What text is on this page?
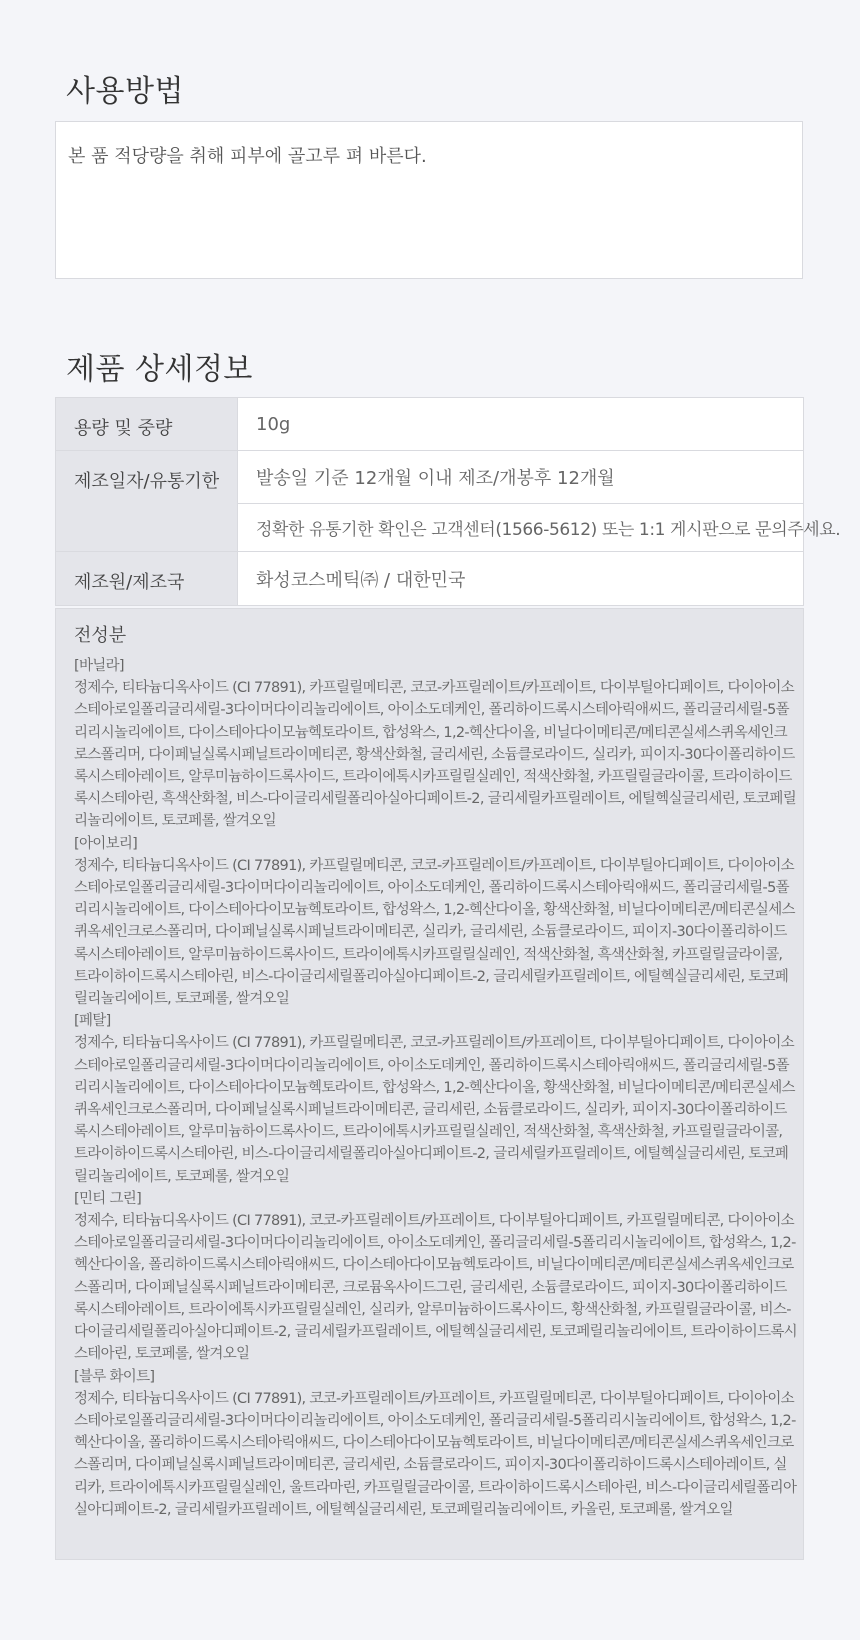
사용방법
본 품 적당량을 취해 피부에 골고루 펴 바른다.
제품 상세정보
용량 및 중량	10g
제조일자/유통기한	발송일 기준 12개월 이내 제조/개봉후 12개월
	정확한 유통기한 확인은 고객센터(1566-5612) 또는 1:1 게시판으로 문의주세요.
제조원/제조국	화성코스메틱㈜ / 대한민국
전성분
[바닐라]
정제수, 티타늄디옥사이드 (CI 77891), 카프릴릴메티콘, 코코-카프릴레이트/카프레이트, 다이부틸아디페이트, 다이아이소스테아로일폴리글리세릴-3다이머다이리놀리에이트, 아이소도데케인, 폴리하이드록시스테아릭애씨드, 폴리글리세릴-5폴리리시놀리에이트, 다이스테아다이모늄헥토라이트, 합성왁스, 1,2-헥산다이올, 비닐다이메티콘/메티콘실세스퀴옥세인크로스폴리머, 다이페닐실록시페닐트라이메티콘, 황색산화철, 글리세린, 소듐클로라이드, 실리카, 피이지-30다이폴리하이드록시스테아레이트, 알루미늄하이드록사이드, 트라이에톡시카프릴릴실레인, 적색산화철, 카프릴릴글라이콜, 트라이하이드록시스테아린, 흑색산화철, 비스-다이글리세릴폴리아실아디페이트-2, 글리세릴카프릴레이트, 에틸헥실글리세린, 토코페릴리놀리에이트, 토코페롤, 쌀겨오일
[아이보리]
정제수, 티타늄디옥사이드 (CI 77891), 카프릴릴메티콘, 코코-카프릴레이트/카프레이트, 다이부틸아디페이트, 다이아이소스테아로일폴리글리세릴-3다이머다이리놀리에이트, 아이소도데케인, 폴리하이드록시스테아릭애씨드, 폴리글리세릴-5폴리리시놀리에이트, 다이스테아다이모늄헥토라이트, 합성왁스, 1,2-헥산다이올, 황색산화철, 비닐다이메티콘/메티콘실세스퀴옥세인크로스폴리머, 다이페닐실록시페닐트라이메티콘, 실리카, 글리세린, 소듐클로라이드, 피이지-30다이폴리하이드록시스테아레이트, 알루미늄하이드록사이드, 트라이에톡시카프릴릴실레인, 적색산화철, 흑색산화철, 카프릴릴글라이콜, 트라이하이드록시스테아린, 비스-다이글리세릴폴리아실아디페이트-2, 글리세릴카프릴레이트, 에틸헥실글리세린, 토코페릴리놀리에이트, 토코페롤, 쌀겨오일
[페탈]
정제수, 티타늄디옥사이드 (CI 77891), 카프릴릴메티콘, 코코-카프릴레이트/카프레이트, 다이부틸아디페이트, 다이아이소스테아로일폴리글리세릴-3다이머다이리놀리에이트, 아이소도데케인, 폴리하이드록시스테아릭애씨드, 폴리글리세릴-5폴리리시놀리에이트, 다이스테아다이모늄헥토라이트, 합성왁스, 1,2-헥산다이올, 황색산화철, 비닐다이메티콘/메티콘실세스퀴옥세인크로스폴리머, 다이페닐실록시페닐트라이메티콘, 글리세린, 소듐클로라이드, 실리카, 피이지-30다이폴리하이드록시스테아레이트, 알루미늄하이드록사이드, 트라이에톡시카프릴릴실레인, 적색산화철, 흑색산화철, 카프릴릴글라이콜, 트라이하이드록시스테아린, 비스-다이글리세릴폴리아실아디페이트-2, 글리세릴카프릴레이트, 에틸헥실글리세린, 토코페릴리놀리에이트, 토코페롤, 쌀겨오일
[민티 그린]
정제수, 티타늄디옥사이드 (CI 77891), 코코-카프릴레이트/카프레이트, 다이부틸아디페이트, 카프릴릴메티콘, 다이아이소스테아로일폴리글리세릴-3다이머다이리놀리에이트, 아이소도데케인, 폴리글리세릴-5폴리리시놀리에이트, 합성왁스, 1,2-헥산다이올, 폴리하이드록시스테아릭애씨드, 다이스테아다이모늄헥토라이트, 비닐다이메티콘/메티콘실세스퀴옥세인크로스폴리머, 다이페닐실록시페닐트라이메티콘, 크로뮴옥사이드그린, 글리세린, 소듐클로라이드, 피이지-30다이폴리하이드록시스테아레이트, 트라이에톡시카프릴릴실레인, 실리카, 알루미늄하이드록사이드, 황색산화철, 카프릴릴글라이콜, 비스-다이글리세릴폴리아실아디페이트-2, 글리세릴카프릴레이트, 에틸헥실글리세린, 토코페릴리놀리에이트, 트라이하이드록시스테아린, 토코페롤, 쌀겨오일
[블루 화이트]
정제수, 티타늄디옥사이드 (CI 77891), 코코-카프릴레이트/카프레이트, 카프릴릴메티콘, 다이부틸아디페이트, 다이아이소스테아로일폴리글리세릴-3다이머다이리놀리에이트, 아이소도데케인, 폴리글리세릴-5폴리리시놀리에이트, 합성왁스, 1,2-헥산다이올, 폴리하이드록시스테아릭애씨드, 다이스테아다이모늄헥토라이트, 비닐다이메티콘/메티콘실세스퀴옥세인크로스폴리머, 다이페닐실록시페닐트라이메티콘, 글리세린, 소듐클로라이드, 피이지-30다이폴리하이드록시스테아레이트, 실리카, 트라이에톡시카프릴릴실레인, 울트라마린, 카프릴릴글라이콜, 트라이하이드록시스테아린, 비스-다이글리세릴폴리아실아디페이트-2, 글리세릴카프릴레이트, 에틸헥실글리세린, 토코페릴리놀리에이트, 카올린, 토코페롤, 쌀겨오일
